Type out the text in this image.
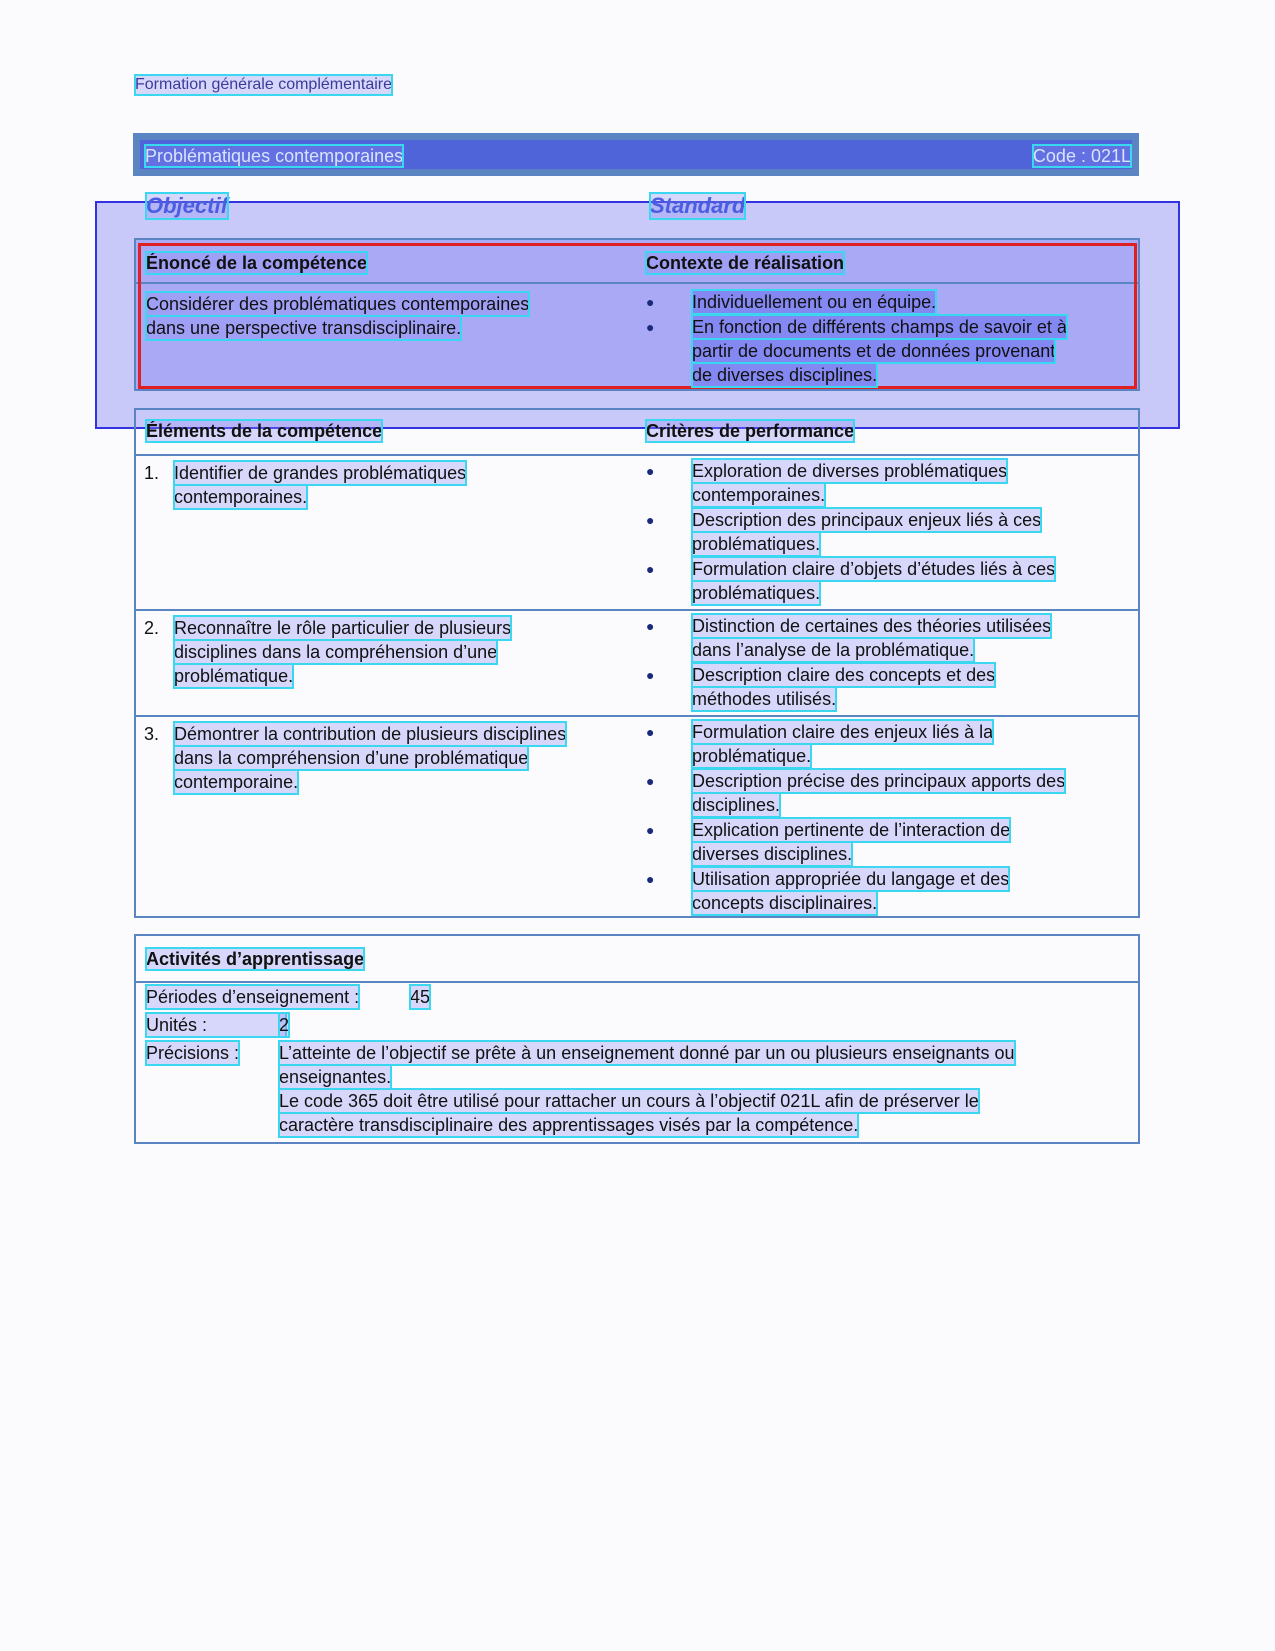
Formation générale complémentaire
Problématiques contemporaines	Code : 021L
Objectif	Standard
Énoncé de la compétence	Contexte de réalisation
Considérer des problématiques contemporaines
dans une perspective transdisciplinaire.
● Individuellement ou en équipe.
● En fonction de différents champs de savoir et à
partir de documents et de données provenant
de diverses disciplines.
Éléments de la compétence	Critères de performance
1. Identifier de grandes problématiques
contemporaines.
● Exploration de diverses problématiques
contemporaines.
● Description des principaux enjeux liés à ces
problématiques.
● Formulation claire d’objets d’études liés à ces
problématiques.
2. Reconnaître le rôle particulier de plusieurs
disciplines dans la compréhension d’une
problématique.
● Distinction de certaines des théories utilisées
dans l’analyse de la problématique.
● Description claire des concepts et des
méthodes utilisés.
3. Démontrer la contribution de plusieurs disciplines
dans la compréhension d’une problématique
contemporaine.
● Formulation claire des enjeux liés à la
problématique.
● Description précise des principaux apports des
disciplines.
● Explication pertinente de l’interaction de
diverses disciplines.
● Utilisation appropriée du langage et des
concepts disciplinaires.
Activités d’apprentissage
Périodes d’enseignement :	45
Unités :	2
Précisions : L’atteinte de l’objectif se prête à un enseignement donné par un ou plusieurs enseignants ou
enseignantes.
Le code 365 doit être utilisé pour rattacher un cours à l’objectif 021L afin de préserver le
caractère transdisciplinaire des apprentissages visés par la compétence.
